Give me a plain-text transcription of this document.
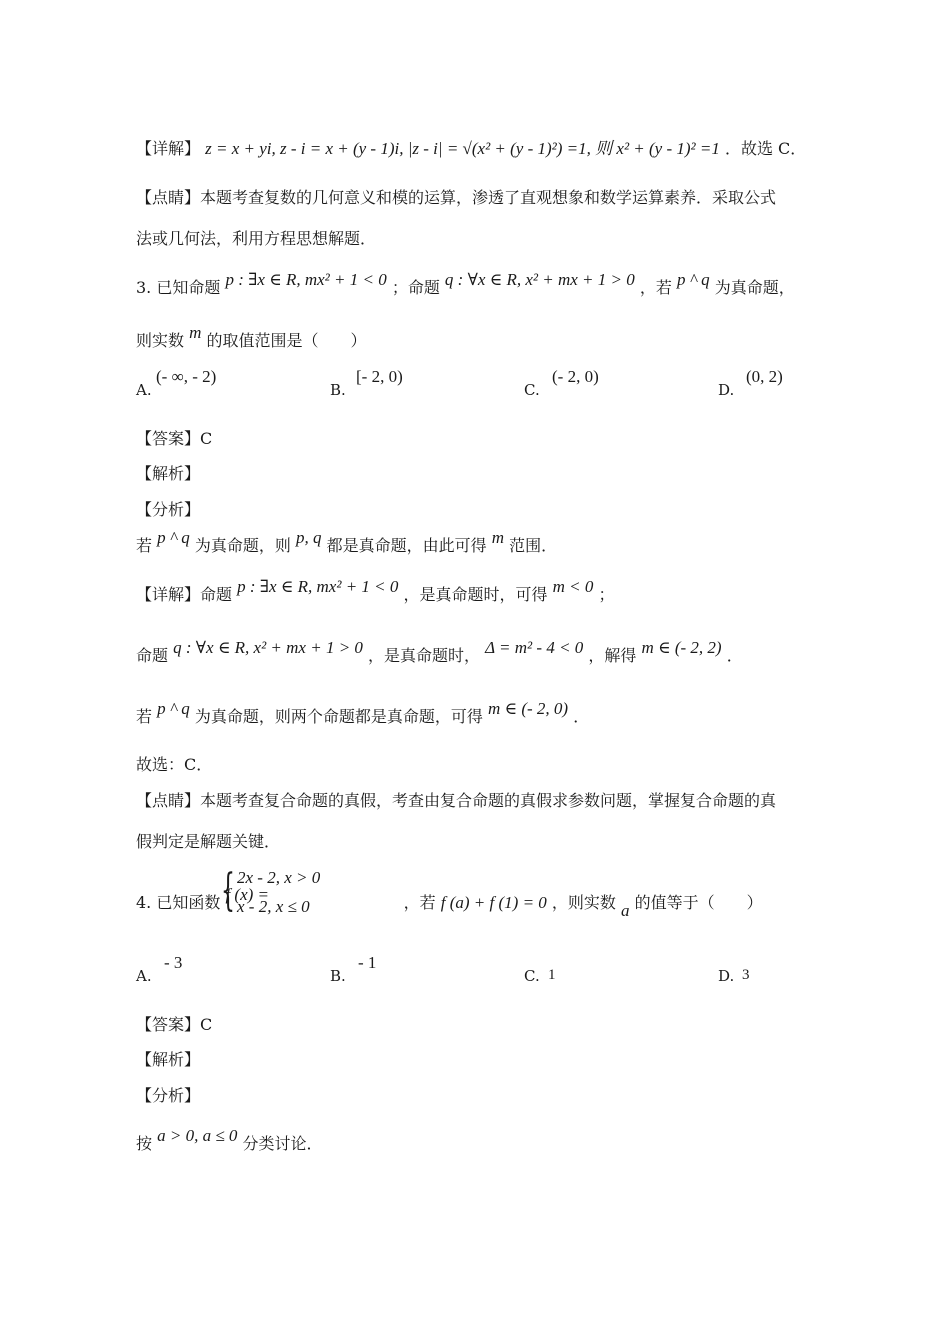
【详解】 z = x + yi, z - i = x + (y - 1)i, |z - i| = √(x² + (y - 1)²) =1, 则 x² + (y - 1)² =1 ．故选 C．
【点睛】本题考查复数的几何意义和模的运算，渗透了直观想象和数学运算素养．采取公式
法或几何法，利用方程思想解题．
3. 已知命题 p : ∃x ∈ R, mx² + 1 < 0 ；命题 q : ∀x ∈ R, x² + mx + 1 > 0 ，若 p ^ q 为真命题，
则实数 m 的取值范围是（　　）
A.
(- ∞, - 2)
B.
[- 2, 0)
C.
(- 2, 0)
D.
(0, 2)
【答案】C
【解析】
【分析】
若 p ^ q 为真命题，则 p, q 都是真命题，由此可得 m 范围．
【详解】命题 p : ∃x ∈ R, mx² + 1 < 0 ，是真命题时，可得 m < 0 ；
命题 q : ∀x ∈ R, x² + mx + 1 > 0 ，是真命题时， Δ = m² - 4 < 0 ，解得 m ∈ (- 2, 2) ．
若 p ^ q 为真命题，则两个命题都是真命题，可得 m ∈ (- 2, 0) ．
故选：C．
【点睛】本题考查复合命题的真假，考查由复合命题的真假求参数问题，掌握复合命题的真
假判定是解题关键．
4. 已知函数 f (x) =	，若 f (a) + f (1) = 0 ，则实数 a 的值等于（　　）
{ 2x - 2, x > 0
x - 2, x ≤ 0
A.
- 3
B.
- 1
C. 1	D. 3
【答案】C
【解析】
【分析】
按 a > 0, a ≤ 0 分类讨论．
